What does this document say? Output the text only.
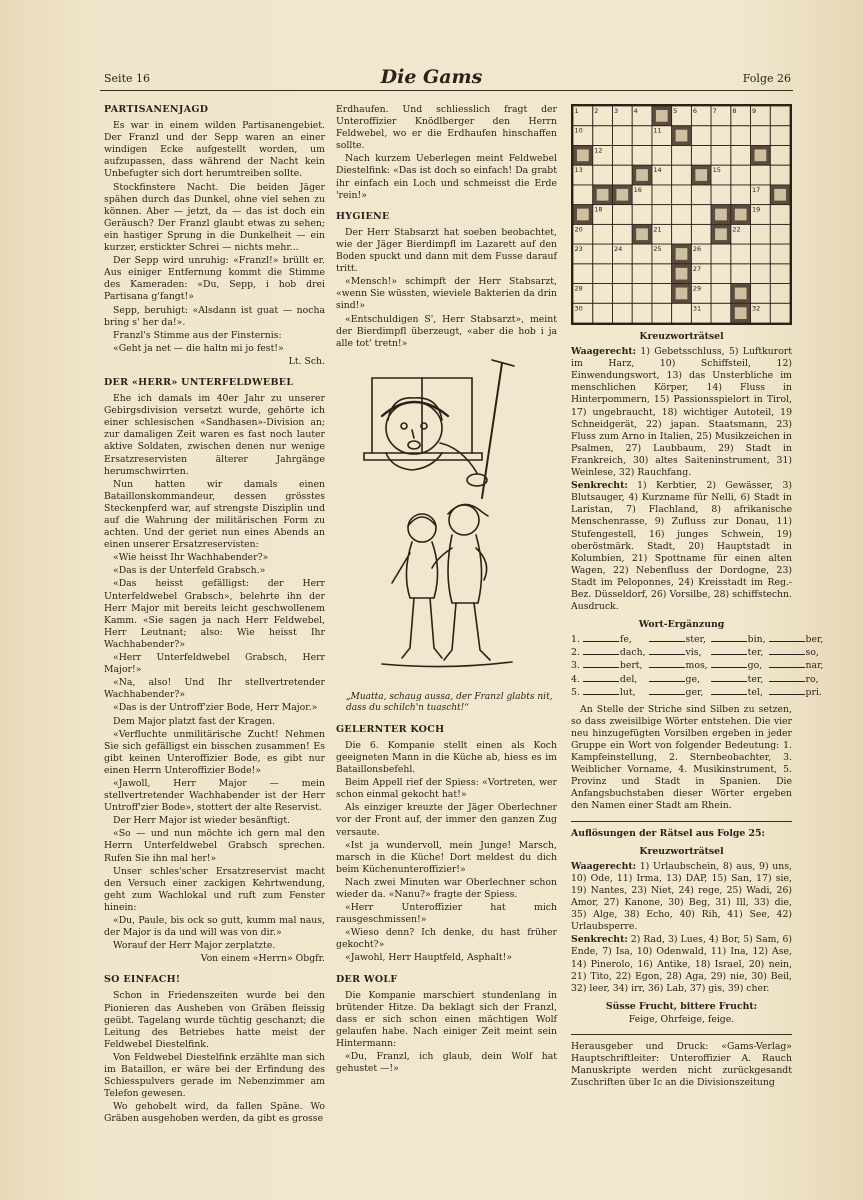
Seite 16	Die Gams	Folge 26
PARTISANENJAGD

Es war in einem wilden Partisanengebiet. Der Franzl und der Sepp waren an einer windigen Ecke aufgestellt worden, um aufzupassen, dass während der Nacht kein Unbefugter sich dort herumtreiben sollte.

Stockfinstere Nacht. Die beiden Jäger spähen durch das Dunkel, ohne viel sehen zu können. Aber — jetzt, da — das ist doch ein Geräusch? Der Franzl glaubt etwas zu sehen; ein hastiger Sprung in die Dunkelheit — ein kurzer, erstickter Schrei — nichts mehr...

Der Sepp wird unruhig: «Franzl!» brüllt er. Aus einiger Entfernung kommt die Stimme des Kameraden: «Du, Sepp, i hob drei Partisana g'fangt!»

Sepp, beruhigt: «Alsdann ist guat — nocha bring s' her da!».

Franzl's Stimme aus der Finsternis:

«Geht ja net — die haltn mi jo fest!»

Lt. Sch.

DER «HERR» UNTERFELDWEBEL

Ehe ich damals im 40er Jahr zu unserer Gebirgsdivision versetzt wurde, gehörte ich einer schlesischen «Sandhasen»-Division an; zur damaligen Zeit waren es fast noch lauter aktive Soldaten, zwischen denen nur wenige Ersatzreservisten älterer Jahrgänge herumschwirrten.

Nun hatten wir damals einen Bataillonskommandeur, dessen grösstes Steckenpferd war, auf strengste Disziplin und auf die Wahrung der militärischen Form zu achten. Und der geriet nun eines Abends an einen unserer Ersatzreservisten:

«Wie heisst Ihr Wachhabender?»

«Das is der Unterfeld Grabsch.»

«Das heisst gefälligst: der Herr Unterfeldwebel Grabsch», belehrte ihn der Herr Major mit bereits leicht geschwollenem Kamm. «Sie sagen ja nach Herr Feldwebel, Herr Leutnant; also: Wie heisst Ihr Wachhabender?»

«Herr Unterfeldwebel Grabsch, Herr Major!»

«Na, also! Und Ihr stellvertretender Wachhabender?»

«Das is der Untroff'zier Bode, Herr Major.»

Dem Major platzt fast der Kragen.

«Verfluchte unmilitärische Zucht! Nehmen Sie sich gefälligst ein bisschen zusammen! Es gibt keinen Unteroffizier Bode, es gibt nur einen Herrn Unteroffizier Bode!»

«Jawoll, Herr Major — mein stellvertretender Wachhabender ist der Herr Untroff'zier Bode», stottert der alte Reservist.

Der Herr Major ist wieder besänftigt.

«So — und nun möchte ich gern mal den Herrn Unterfeldwebel Grabsch sprechen. Rufen Sie ihn mal her!»

Unser schles'scher Ersatzreservist macht den Versuch einer zackigen Kehrtwendung, geht zum Wachlokal und ruft zum Fenster hinein:

«Du, Paule, bis ock so gutt, kumm mal naus, der Major is da und will was von dir.»

Worauf der Herr Major zerplatzte.

Von einem «Herrn» Obgfr.

SO EINFACH!

Schon in Friedenszeiten wurde bei den Pionieren das Ausheben von Gräben fleissig geübt. Tagelang wurde tüchtig geschanzt; die Leitung des Betriebes hatte meist der Feldwebel Diestelfink.

Von Feldwebel Diestelfink erzählte man sich im Bataillon, er wäre bei der Erfindung des Schiesspulvers gerade im Nebenzimmer am Telefon gewesen.

Wo gehobelt wird, da fallen Späne. Wo Gräben ausgehoben werden, da gibt es grosse

Erdhaufen. Und schliesslich fragt der Unteroffizier Knödlberger den Herrn Feldwebel, wo er die Erdhaufen hinschaffen sollte.

Nach kurzem Ueberlegen meint Feldwebel Diestelfink: «Das ist doch so einfach! Da grabt ihr einfach ein Loch und schmeisst die Erde 'rein!»

HYGIENE

Der Herr Stabsarzt hat soeben beobachtet, wie der Jäger Bierdimpfl im Lazarett auf den Boden spuckt und dann mit dem Fusse darauf tritt.

«Mensch!» schimpft der Herr Stabsarzt, «wenn Sie wüssten, wieviele Bakterien da drin sind!»

«Entschuldigen S', Herr Stabsarzt», meint der Bierdimpfl überzeugt, «aber die hob i ja alle tot' tretn!»

„Muatta, schaug aussa, der Franzl glabts nit, dass du schilch'n tuascht!“

GELERNTER KOCH

Die 6. Kompanie stellt einen als Koch geeigneten Mann in die Küche ab, hiess es im Bataillonsbefehl.

Beim Appell rief der Spiess: «Vortreten, wer schon einmal gekocht hat!»

Als einziger kreuzte der Jäger Oberlechner vor der Front auf, der immer den ganzen Zug versaute.

«Ist ja wundervoll, mein Junge! Marsch, marsch in die Küche! Dort meldest du dich beim Küchenunteroffizier!»

Nach zwei Minuten war Oberlechner schon wieder da. «Nanu?» fragte der Spiess.

«Herr Unteroffizier hat mich rausgeschmissen!»

«Wieso denn? Ich denke, du hast früher gekocht?»

«Jawohl, Herr Hauptfeld, Asphalt!»

DER WOLF

Die Kompanie marschiert stundenlang in brütender Hitze. Da beklagt sich der Franzl, dass er sich schon einen mächtigen Wolf gelaufen habe. Nach einiger Zeit meint sein Hintermann:

«Du, Franzl, ich glaub, dein Wolf hat gehustet —!»

1 2 3 4	5 6 7 8 9
10	11
12
13	14	15
16	17
18	19
20	21	22
23	24	25	26
27
28	29
30	31	32
Kreuzworträtsel

Waagerecht: 1) Gebetsschluss, 5) Luftkurort im Harz, 10) Schiffsteil, 12) Einwendungswort, 13) das Unsterbliche im menschlichen Körper, 14) Fluss in Hinterpommern, 15) Passionsspielort in Tirol, 17) ungebraucht, 18) wichtiger Autoteil, 19 Schneidgerät, 22) japan. Staatsmann, 23) Fluss zum Arno in Italien, 25) Musikzeichen in Psalmen, 27) Laubbaum, 29) Stadt in Frankreich, 30) altes Saiteninstrument, 31) Weinlese, 32) Rauchfang.

Senkrecht: 1) Kerbtier, 2) Gewässer, 3) Blutsauger, 4) Kurzname für Nelli, 6) Stadt in Laristan, 7) Flachland, 8) afrikanische Menschenrasse, 9) Zufluss zur Donau, 11) Stufengestell, 16) junges Schwein, 19) oberöstmärk. Stadt, 20) Hauptstadt in Kolumbien, 21) Spottname für einen alten Wagen, 22) Nebenfluss der Dordogne, 23) Stadt im Peloponnes, 24) Kreisstadt im Reg.-Bez. Düsseldorf, 26) Vorsilbe, 28) schiffstechn. Ausdruck.

Wort-Ergänzung
1.	fe,	ster,	bin,	ber,
2.	dach,	vis,	ter,	so,
3.	bert,	mos,	go,	nar,
4.	del,	ge,	ter,	ro,
5.	lut,	ger,	tel,	pri.

An Stelle der Striche sind Silben zu setzen, so dass zweisilbige Wörter entstehen. Die vier neu hinzugefügten Vorsilben ergeben in jeder Gruppe ein Wort von folgender Bedeutung: 1. Kampfeinstellung, 2. Sternbeobachter, 3. Weiblicher Vorname, 4. Musikinstrument, 5. Provinz und Stadt in Spanien. Die Anfangsbuchstaben dieser Wörter ergeben den Namen einer Stadt am Rhein.

Auflösungen der Rätsel aus Folge 25:

Kreuzworträtsel

Waagerecht: 1) Urlaubschein, 8) aus, 9) uns, 10) Ode, 11) Irma, 13) DAP, 15) San, 17) sie, 19) Nantes, 23) Niet, 24) rege, 25) Wadi, 26) Amor, 27) Kanone, 30) Beg, 31) Ill, 33) die, 35) Alge, 38) Echo, 40) Rih, 41) See, 42) Urlaubsperre.

Senkrecht: 2) Rad, 3) Lues, 4) Bor, 5) Sam, 6) Ende, 7) Isa, 10) Odenwald, 11) Ina, 12) Ase, 14) Pinerolo, 16) Antike, 18) Israel, 20) nein, 21) Tito, 22) Egon, 28) Aga, 29) nie, 30) Beil, 32) leer, 34) irr, 36) Lab, 37) gis, 39) cher.

Süsse Frucht, bittere Frucht:

Feige, Ohrfeige, feige.

Herausgeber und Druck: «Gams-Verlag» Hauptschriftleiter: Unteroffizier A. Rauch Manuskripte werden nicht zurückgesandt Zuschriften über Ic an die Divisionszeitung
